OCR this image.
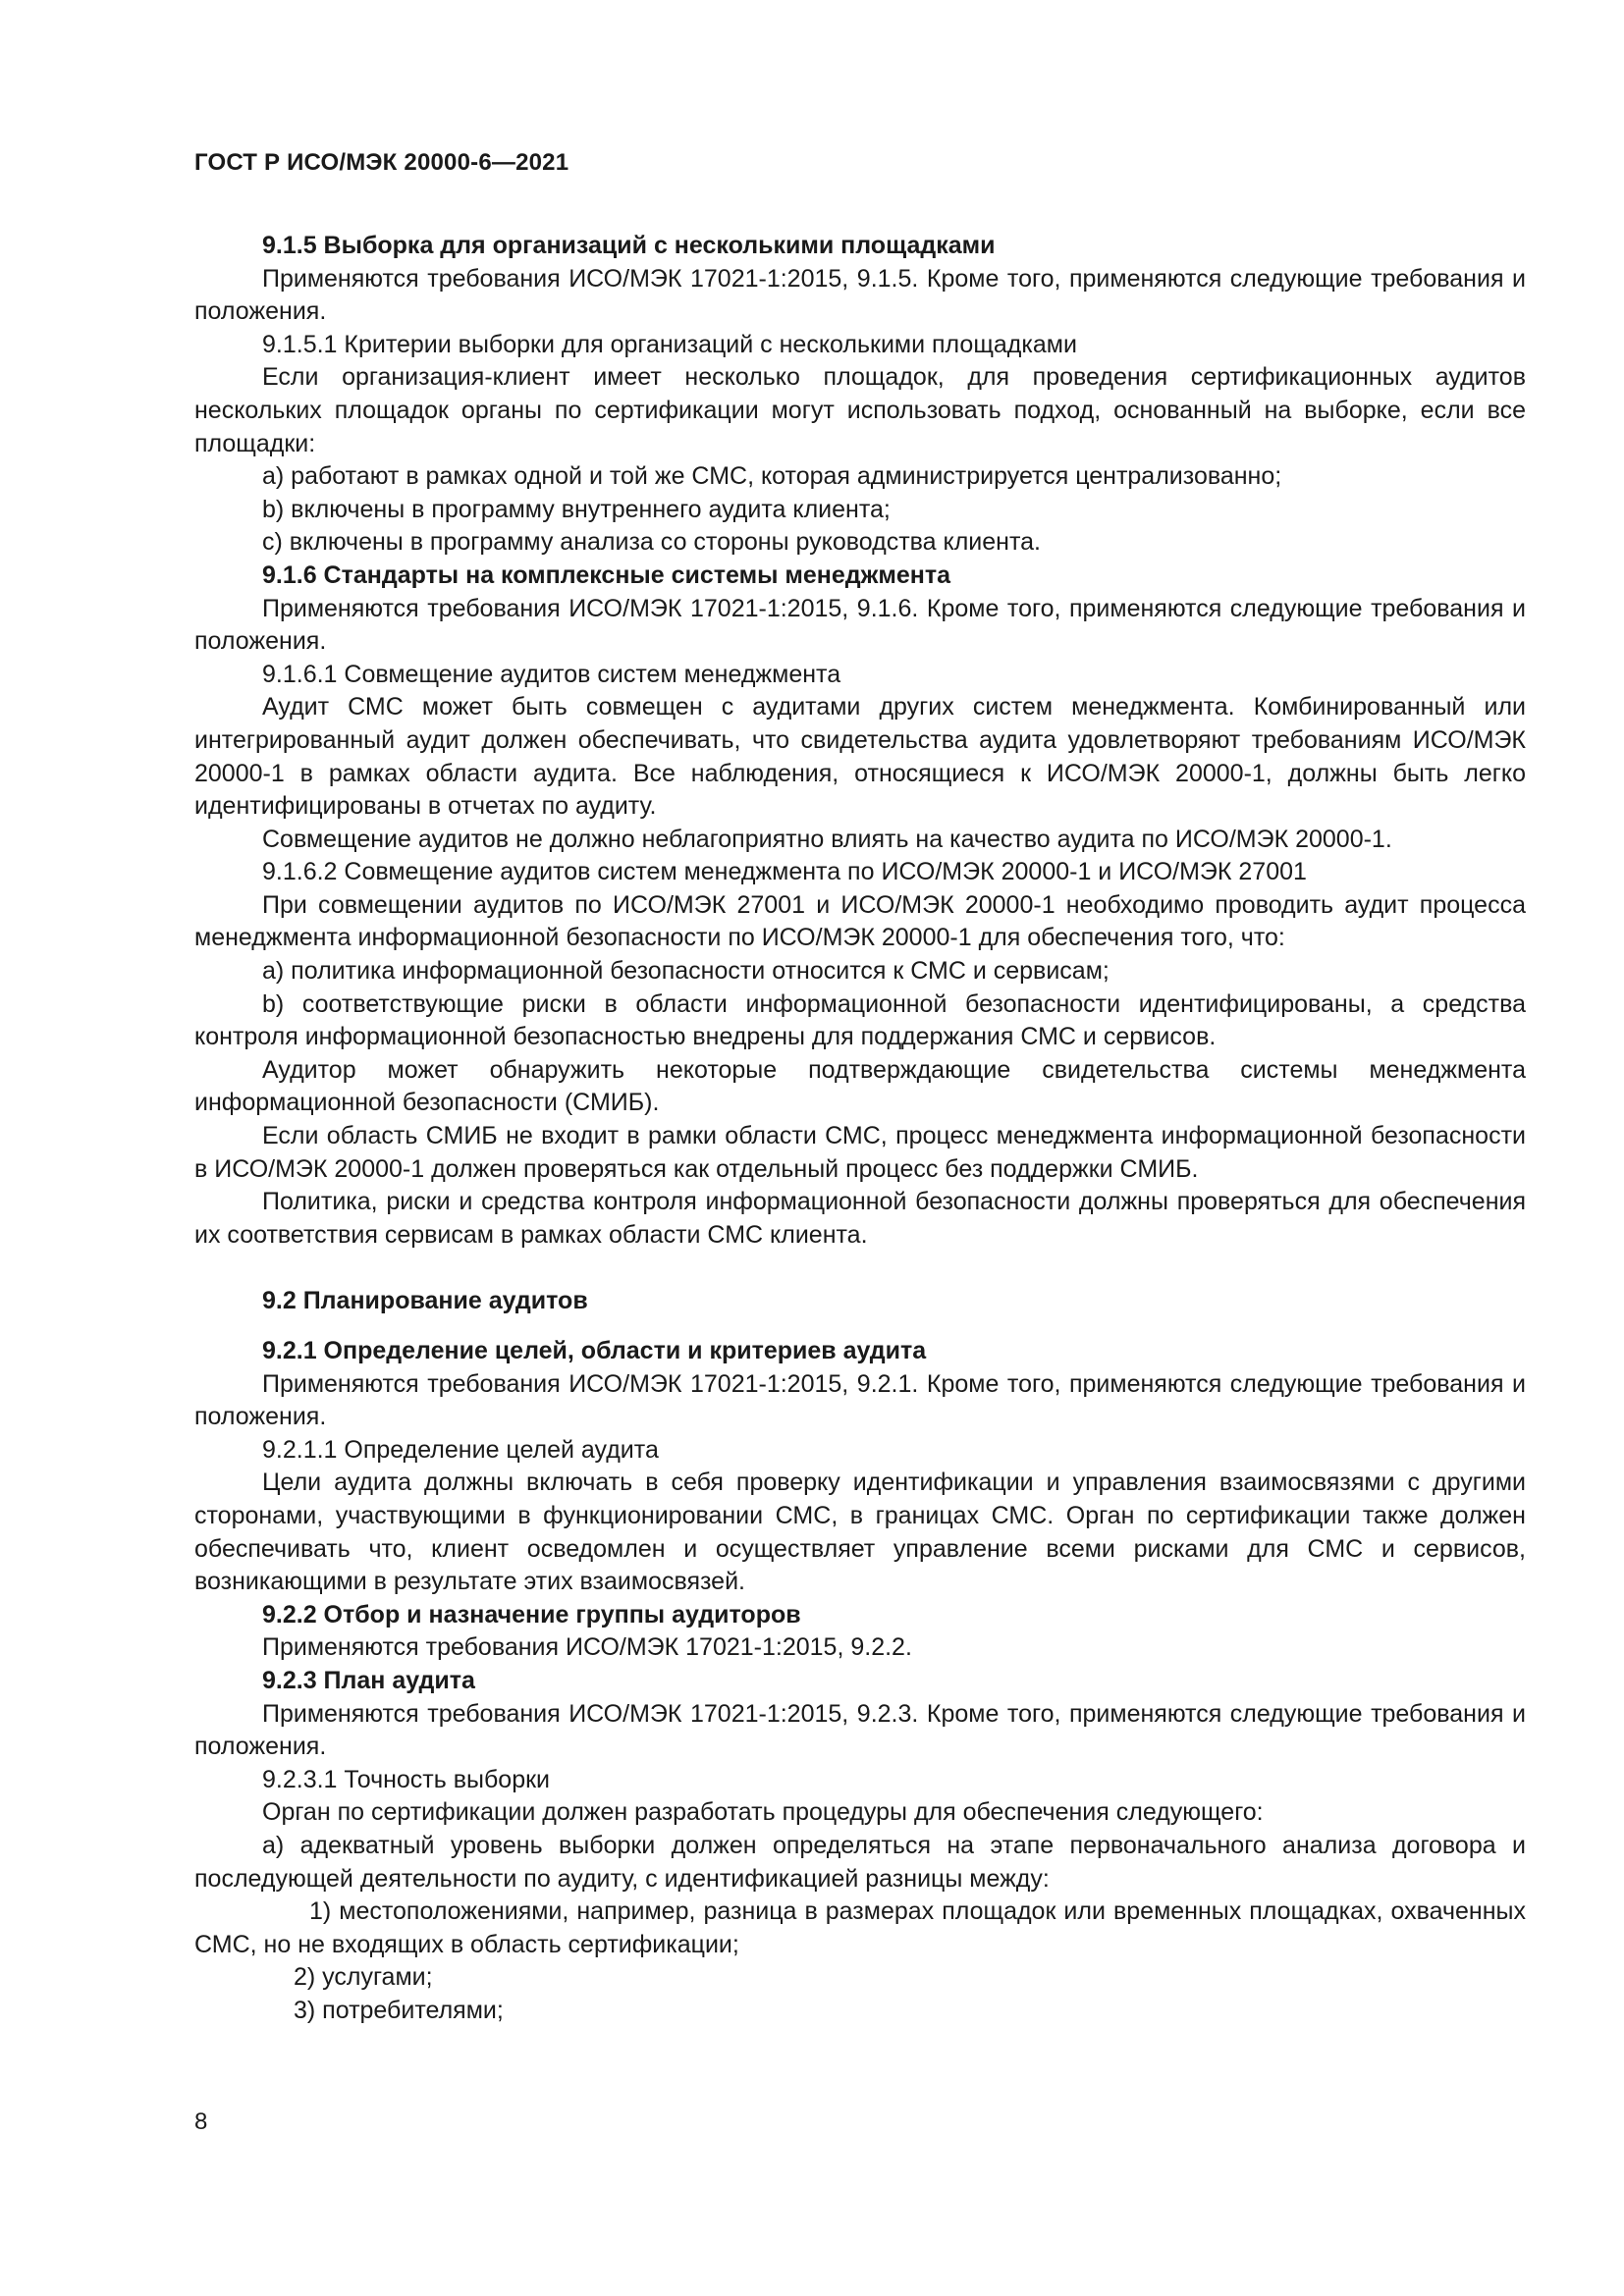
ГОСТ Р ИСО/МЭК 20000-6—2021

9.1.5 Выборка для организаций с несколькими площадками

Применяются требования ИСО/МЭК 17021-1:2015, 9.1.5. Кроме того, применяются следующие требования и положения.

9.1.5.1 Критерии выборки для организаций с несколькими площадками

Если организация-клиент имеет несколько площадок, для проведения сертификационных аудитов нескольких площадок органы по сертификации могут использовать подход, основанный на выборке, если все площадки:

a) работают в рамках одной и той же СМС, которая администрируется централизованно;

b) включены в программу внутреннего аудита клиента;

c) включены в программу анализа со стороны руководства клиента.

9.1.6 Стандарты на комплексные системы менеджмента

Применяются требования ИСО/МЭК 17021-1:2015, 9.1.6. Кроме того, применяются следующие требования и положения.

9.1.6.1 Совмещение аудитов систем менеджмента

Аудит СМС может быть совмещен с аудитами других систем менеджмента. Комбинированный или интегрированный аудит должен обеспечивать, что свидетельства аудита удовлетворяют требованиям ИСО/МЭК 20000-1 в рамках области аудита. Все наблюдения, относящиеся к ИСО/МЭК 20000-1, должны быть легко идентифицированы в отчетах по аудиту.

Совмещение аудитов не должно неблагоприятно влиять на качество аудита по ИСО/МЭК 20000-1.

9.1.6.2 Совмещение аудитов систем менеджмента по ИСО/МЭК 20000-1 и ИСО/МЭК 27001

При совмещении аудитов по ИСО/МЭК 27001 и ИСО/МЭК 20000-1 необходимо проводить аудит процесса менеджмента информационной безопасности по ИСО/МЭК 20000-1 для обеспечения того, что:

a) политика информационной безопасности относится к СМС и сервисам;

b) соответствующие риски в области информационной безопасности идентифицированы, а средства контроля информационной безопасностью внедрены для поддержания СМС и сервисов.

Аудитор может обнаружить некоторые подтверждающие свидетельства системы менеджмента информационной безопасности (СМИБ).

Если область СМИБ не входит в рамки области СМС, процесс менеджмента информационной безопасности в ИСО/МЭК 20000-1 должен проверяться как отдельный процесс без поддержки СМИБ.

Политика, риски и средства контроля информационной безопасности должны проверяться для обеспечения их соответствия сервисам в рамках области СМС клиента.

9.2 Планирование аудитов

9.2.1 Определение целей, области и критериев аудита

Применяются требования ИСО/МЭК 17021-1:2015, 9.2.1. Кроме того, применяются следующие требования и положения.

9.2.1.1 Определение целей аудита

Цели аудита должны включать в себя проверку идентификации и управления взаимосвязями с другими сторонами, участвующими в функционировании СМС, в границах СМС. Орган по сертификации также должен обеспечивать что, клиент осведомлен и осуществляет управление всеми рисками для СМС и сервисов, возникающими в результате этих взаимосвязей.

9.2.2 Отбор и назначение группы аудиторов

Применяются требования ИСО/МЭК 17021-1:2015, 9.2.2.

9.2.3 План аудита

Применяются требования ИСО/МЭК 17021-1:2015, 9.2.3. Кроме того, применяются следующие требования и положения.

9.2.3.1 Точность выборки

Орган по сертификации должен разработать процедуры для обеспечения следующего:

a) адекватный уровень выборки должен определяться на этапе первоначального анализа договора и последующей деятельности по аудиту, с идентификацией разницы между:

1) местоположениями, например, разница в размерах площадок или временных площадках, охваченных СМС, но не входящих в область сертификации;

2) услугами;

3) потребителями;

8
